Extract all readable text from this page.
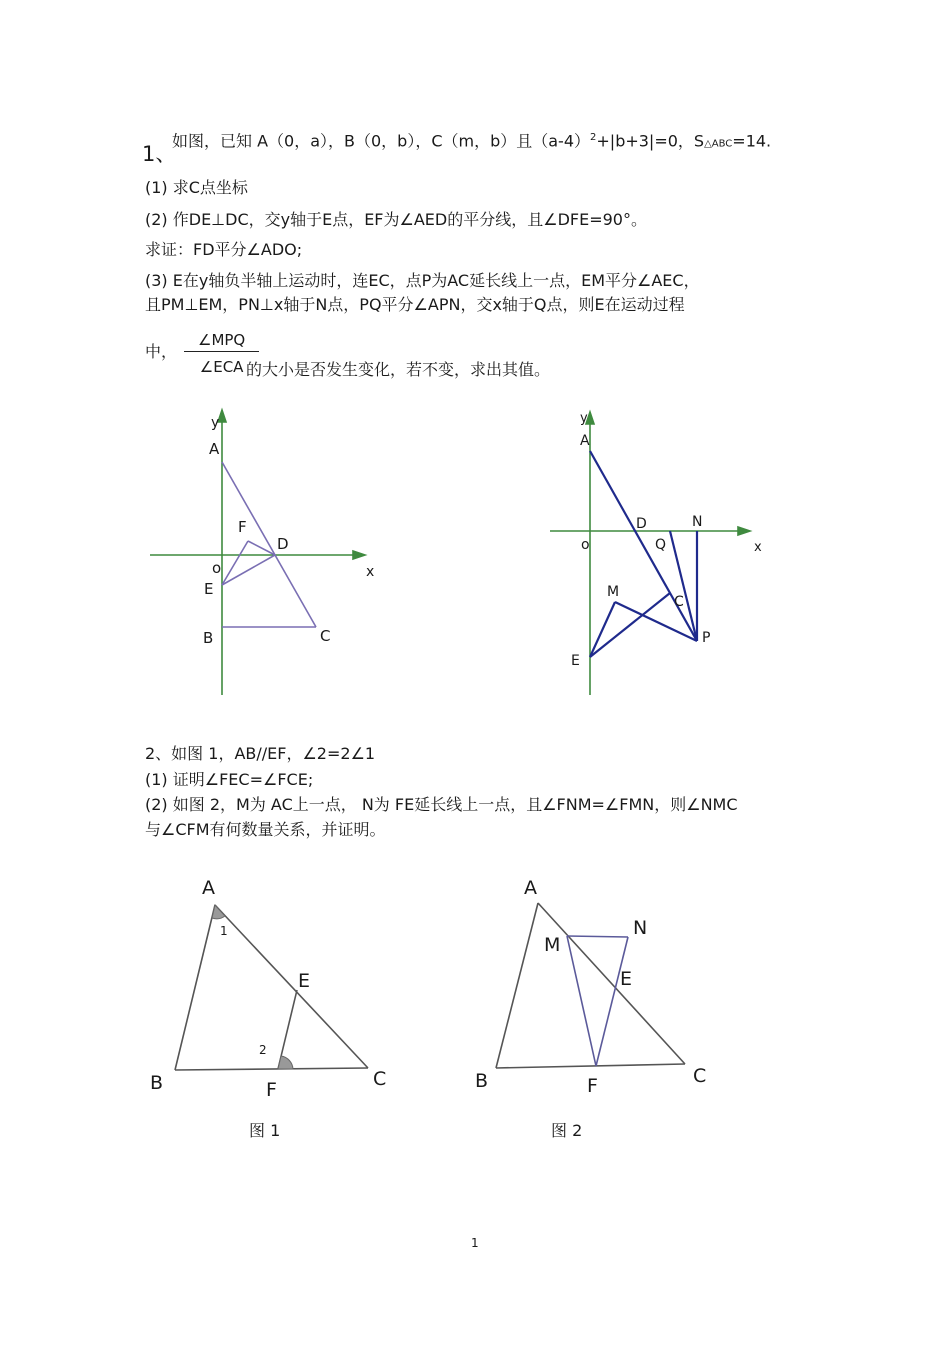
1、
如图，已知 A（0，a），B（0，b），C（m，b）且$(a-4)^2+|b+3|=0$，S△ABC=14.
(1) 求C点坐标
(2) 作DE⊥DC，交y轴于E点，EF为∠AED的平分线，且∠DFE=90°。
求证：FD平分∠ADO;
(3) E在y轴负半轴上运动时，连EC，点P为AC延长线上一点，EM平分∠AEC，
且PM⊥EM，PN⊥x轴于N点，PQ平分∠APN，交x轴于Q点，则E在运动过程
中，
∠MPQ
∠ECA 的大小是否发生变化，若不变，求出其值。
y
A
F
D
o	x
E
B	C
y
A
D	N
o	Q	x
M
C
P
E
2、如图 1，AB//EF，∠2=2∠1
(1) 证明∠FEC=∠FCE;
(2) 如图 2，M为 AC上一点， N为 FE延长线上一点，且∠FNM=∠FMN，则∠NMC
与∠CFM有何数量关系，并证明。
A
1
E
2
B	F	C
A
N
M
E
B	F	C
图 1	图 2
1
